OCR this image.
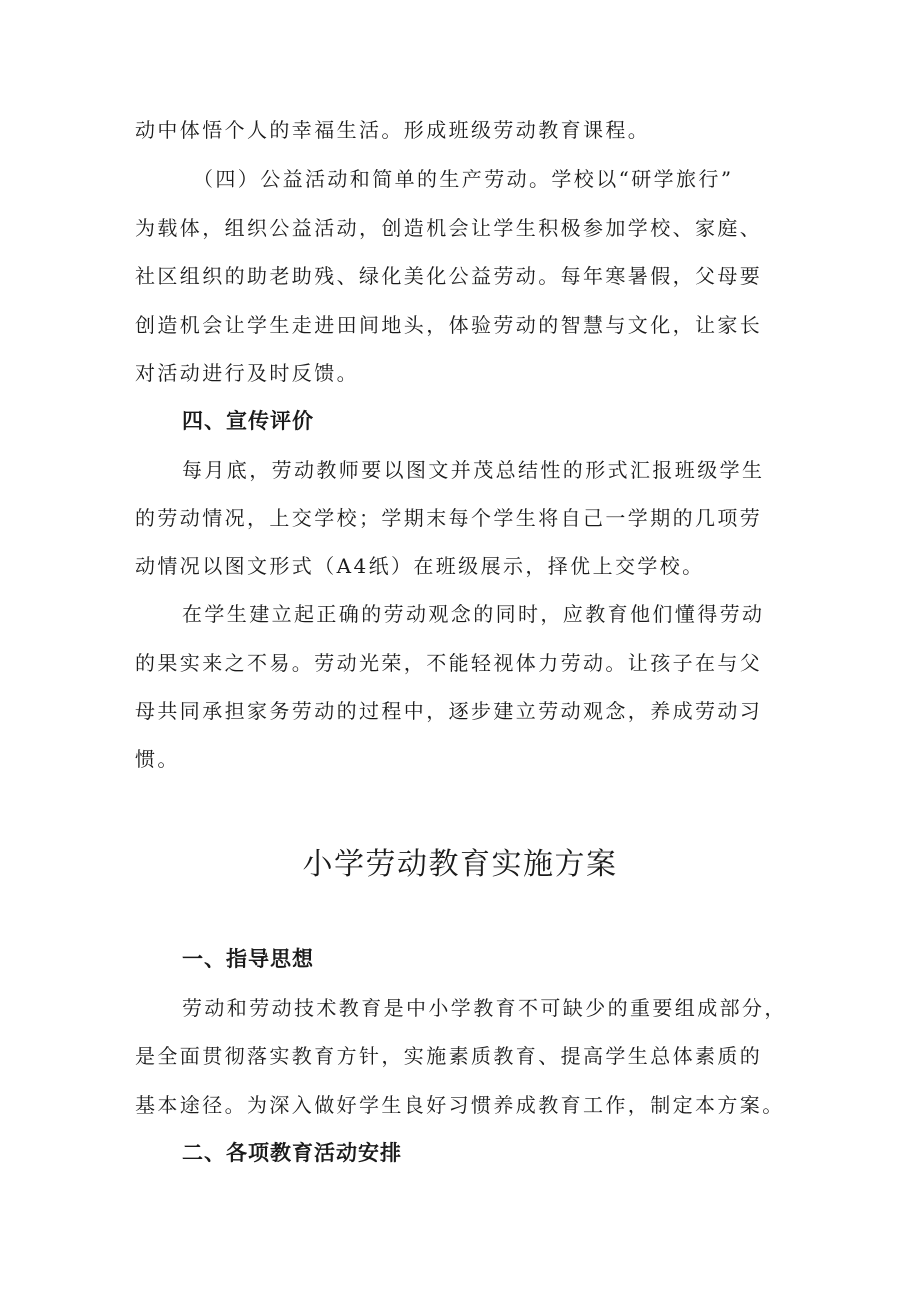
动中体悟个人的幸福生活。形成班级劳动教育课程。

（四）公益活动和简单的生产劳动。学校以“研学旅行”

为载体，组织公益活动，创造机会让学生积极参加学校、家庭、

社区组织的助老助残、绿化美化公益劳动。每年寒暑假，父母要

创造机会让学生走进田间地头，体验劳动的智慧与文化，让家长

对活动进行及时反馈。

四、宣传评价

每月底，劳动教师要以图文并茂总结性的形式汇报班级学生

的劳动情况，上交学校；学期末每个学生将自己一学期的几项劳

动情况以图文形式（A4纸）在班级展示，择优上交学校。

在学生建立起正确的劳动观念的同时，应教育他们懂得劳动

的果实来之不易。劳动光荣，不能轻视体力劳动。让孩子在与父

母共同承担家务劳动的过程中，逐步建立劳动观念，养成劳动习

惯。

小学劳动教育实施方案
一、指导思想

劳动和劳动技术教育是中小学教育不可缺少的重要组成部分，

是全面贯彻落实教育方针，实施素质教育、提高学生总体素质的

基本途径。为深入做好学生良好习惯养成教育工作，制定本方案。

二、各项教育活动安排
